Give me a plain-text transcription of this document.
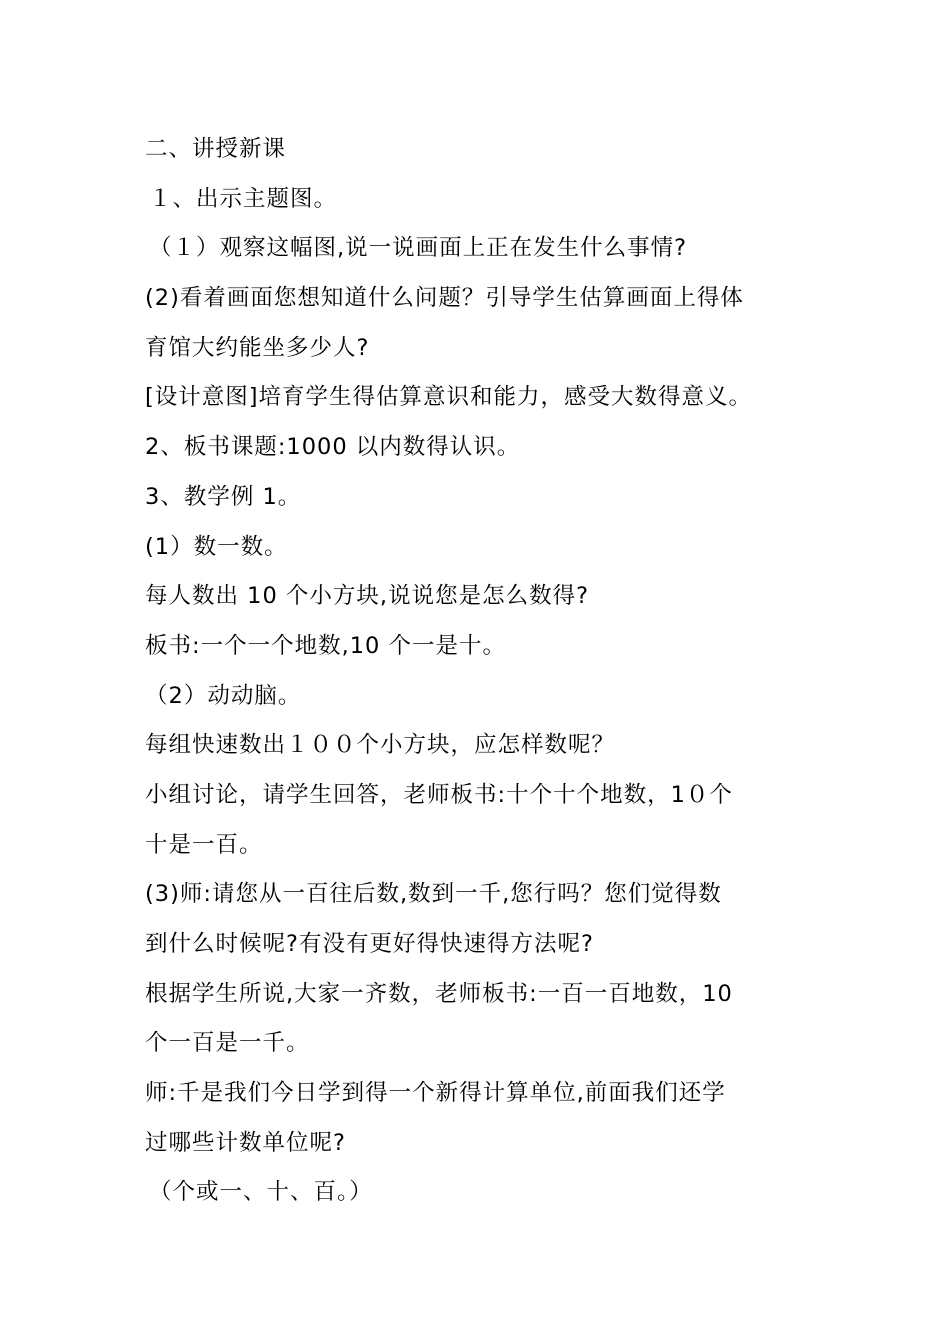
二、讲授新课
１、出示主题图。
（１）观察这幅图,说一说画面上正在发生什么事情?
(2)看着画面您想知道什么问题？引导学生估算画面上得体
育馆大约能坐多少人?
[设计意图]培育学生得估算意识和能力，感受大数得意义。
2、板书课题:1000 以内数得认识。
3、教学例 1。
(1）数一数。
每人数出 10 个小方块,说说您是怎么数得?
板书:一个一个地数,10 个一是十。
（2）动动脑。
每组快速数出１００个小方块，应怎样数呢？
小组讨论，请学生回答，老师板书:十个十个地数，1０个
十是一百。
(3)师:请您从一百往后数,数到一千,您行吗？您们觉得数
到什么时候呢?有没有更好得快速得方法呢?
根据学生所说,大家一齐数，老师板书:一百一百地数，10
个一百是一千。
师:千是我们今日学到得一个新得计算单位,前面我们还学
过哪些计数单位呢?
（个或一、十、百。）
